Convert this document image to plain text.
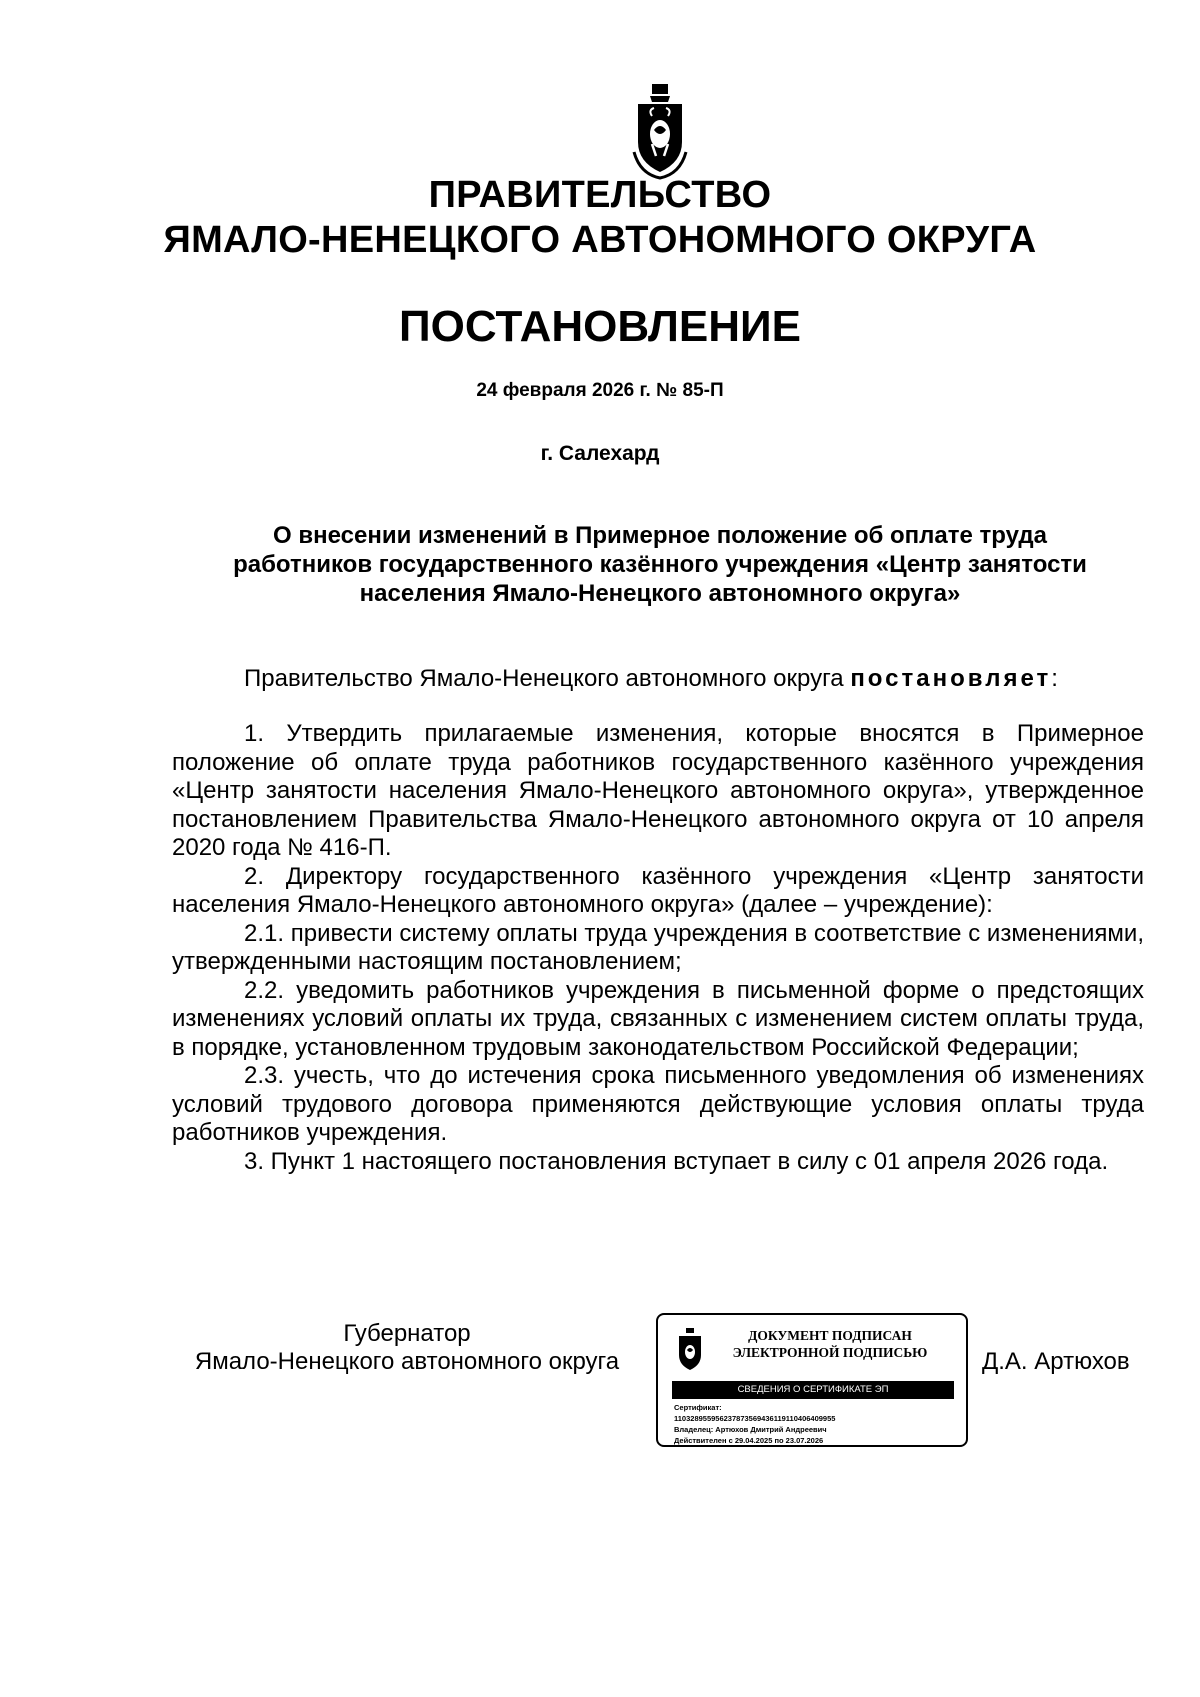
ПРАВИТЕЛЬСТВО
ЯМАЛО-НЕНЕЦКОГО АВТОНОМНОГО ОКРУГА
ПОСТАНОВЛЕНИЕ
24 февраля 2026 г. № 85-П
г. Салехард
О внесении изменений в Примерное положение об оплате труда
работников государственного казённого учреждения «Центр занятости
населения Ямало-Ненецкого автономного округа»
Правительство Ямало-Ненецкого автономного округа постановляет:

1. Утвердить прилагаемые изменения, которые вносятся в Примерное положение об оплате труда работников государственного казённого учреждения «Центр занятости населения Ямало-Ненецкого автономного округа», утвержденное постановлением Правительства Ямало-Ненецкого автономного округа от 10 апреля 2020 года № 416-П.

2. Директору государственного казённого учреждения «Центр занятости населения Ямало-Ненецкого автономного округа» (далее – учреждение):

2.1. привести систему оплаты труда учреждения в соответствие с изменениями, утвержденными настоящим постановлением;

2.2. уведомить работников учреждения в письменной форме о предстоящих изменениях условий оплаты их труда, связанных с изменением систем оплаты труда, в порядке, установленном трудовым законодательством Российской Федерации;

2.3. учесть, что до истечения срока письменного уведомления об изменениях условий трудового договора применяются действующие условия оплаты труда работников учреждения.

3. Пункт 1 настоящего постановления вступает в силу с 01 апреля 2026 года.

Губернатор
Ямало-Ненецкого автономного округа
ДОКУМЕНТ ПОДПИСАН
ЭЛЕКТРОННОЙ ПОДПИСЬЮ
СВЕДЕНИЯ О СЕРТИФИКАТЕ ЭП
Сертификат:
11032895595623787356943611911040640995​5
Владелец: Артюхов Дмитрий Андреевич
Действителен с 29.04.2025 по 23.07.2026
Д.А. Артюхов
